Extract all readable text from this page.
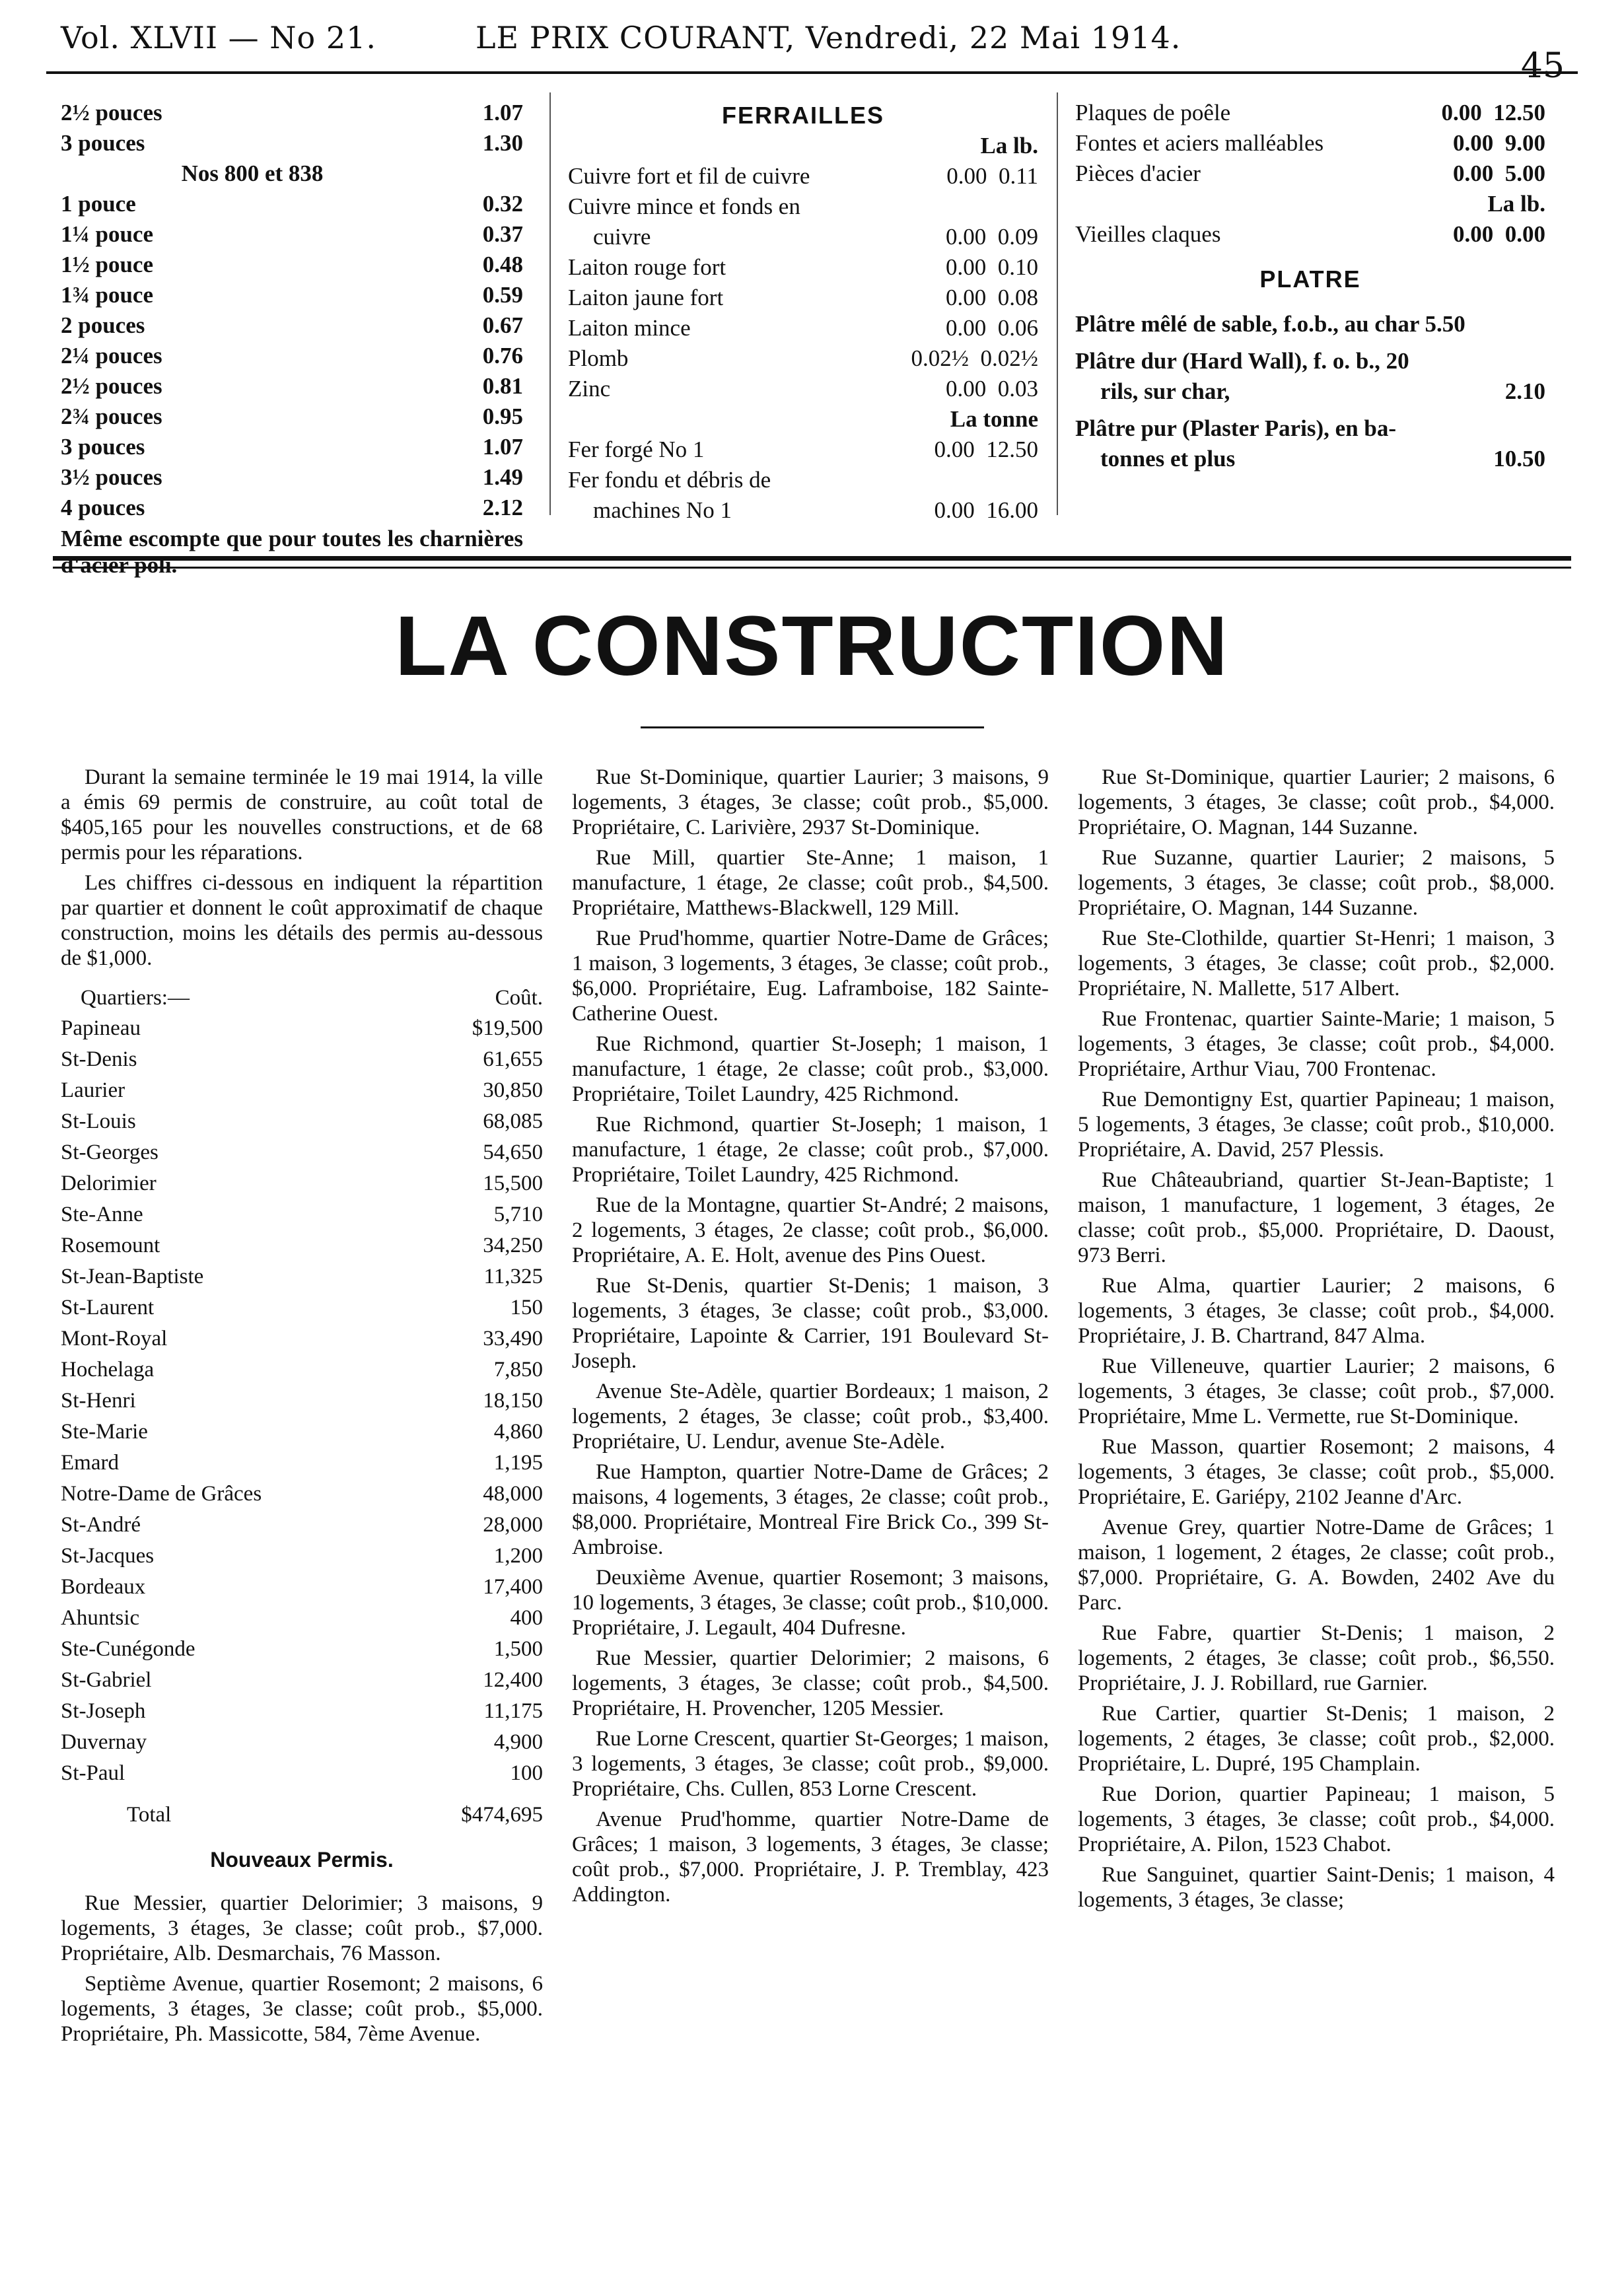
Vol. XLVII — No 21.	LE PRIX COURANT, Vendredi, 22 Mai 1914.
45
2½ pouces	1.07
3 pouces	1.30
Nos 800 et 838
1 pouce	0.32
1¼ pouce	0.37
1½ pouce	0.48
1¾ pouce	0.59
2 pouces	0.67
2¼ pouces	0.76
2½ pouces	0.81
2¾ pouces	0.95
3 pouces	1.07
3½ pouces	1.49
4 pouces	2.12
Même escompte que pour toutes les charnières d'acier poli.
FERRAILLES
La lb.
Cuivre fort et fil de cuivre	0.00 0.11
Cuivre mince et fonds en
cuivre	0.00 0.09
Laiton rouge fort	0.00 0.10
Laiton jaune fort	0.00 0.08
Laiton mince	0.00 0.06
Plomb	0.02½ 0.02½
Zinc	0.00 0.03
La tonne
Fer forgé No 1	0.00 12.50
Fer fondu et débris de
machines No 1	0.00 16.00
Plaques de poêle	0.00 12.50
Fontes et aciers malléables	0.00 9.00
Pièces d'acier	0.00 5.00
La lb.
Vieilles claques	0.00 0.00
PLATRE
Plâtre mêlé de sable, f.o.b., au char 5.50
Plâtre dur (Hard Wall), f. o. b., 20
rils, sur char,	2.10
Plâtre pur (Plaster Paris), en ba-
tonnes et plus	10.50
LA CONSTRUCTION

Durant la semaine terminée le 19 mai 1914, la ville a émis 69 permis de construire, au coût total de $405,165 pour les nouvelles constructions, et de 68 permis pour les réparations.

Les chiffres ci-dessous en indiquent la répartition par quartier et donnent le coût approximatif de chaque construction, moins les détails des permis au-dessous de $1,000.

Quartiers:—	Coût.
Papineau	$19,500
St-Denis	61,655
Laurier	30,850
St-Louis	68,085
St-Georges	54,650
Delorimier	15,500
Ste-Anne	5,710
Rosemount	34,250
St-Jean-Baptiste	11,325
St-Laurent	150
Mont-Royal	33,490
Hochelaga	7,850
St-Henri	18,150
Ste-Marie	4,860
Emard	1,195
Notre-Dame de Grâces	48,000
St-André	28,000
St-Jacques	1,200
Bordeaux	17,400
Ahuntsic	400
Ste-Cunégonde	1,500
St-Gabriel	12,400
St-Joseph	11,175
Duvernay	4,900
St-Paul	100
Total	$474,695
Nouveaux Permis.

Rue Messier, quartier Delorimier; 3 maisons, 9 logements, 3 étages, 3e classe; coût prob., $7,000. Propriétaire, Alb. Desmarchais, 76 Masson.

Septième Avenue, quartier Rosemont; 2 maisons, 6 logements, 3 étages, 3e classe; coût prob., $5,000. Propriétaire, Ph. Massicotte, 584, 7ème Avenue.

Rue St-Dominique, quartier Laurier; 3 maisons, 9 logements, 3 étages, 3e classe; coût prob., $5,000. Propriétaire, C. Larivière, 2937 St-Dominique.

Rue Mill, quartier Ste-Anne; 1 maison, 1 manufacture, 1 étage, 2e classe; coût prob., $4,500. Propriétaire, Matthews-Blackwell, 129 Mill.

Rue Prud'homme, quartier Notre-Dame de Grâces; 1 maison, 3 logements, 3 étages, 3e classe; coût prob., $6,000. Propriétaire, Eug. Laframboise, 182 Sainte-Catherine Ouest.

Rue Richmond, quartier St-Joseph; 1 maison, 1 manufacture, 1 étage, 2e classe; coût prob., $3,000. Propriétaire, Toilet Laundry, 425 Richmond.

Rue Richmond, quartier St-Joseph; 1 maison, 1 manufacture, 1 étage, 2e classe; coût prob., $7,000. Propriétaire, Toilet Laundry, 425 Richmond.

Rue de la Montagne, quartier St-André; 2 maisons, 2 logements, 3 étages, 2e classe; coût prob., $6,000. Propriétaire, A. E. Holt, avenue des Pins Ouest.

Rue St-Denis, quartier St-Denis; 1 maison, 3 logements, 3 étages, 3e classe; coût prob., $3,000. Propriétaire, Lapointe & Carrier, 191 Boulevard St-Joseph.

Avenue Ste-Adèle, quartier Bordeaux; 1 maison, 2 logements, 2 étages, 3e classe; coût prob., $3,400. Propriétaire, U. Lendur, avenue Ste-Adèle.

Rue Hampton, quartier Notre-Dame de Grâces; 2 maisons, 4 logements, 3 étages, 2e classe; coût prob., $8,000. Propriétaire, Montreal Fire Brick Co., 399 St-Ambroise.

Deuxième Avenue, quartier Rosemont; 3 maisons, 10 logements, 3 étages, 3e classe; coût prob., $10,000. Propriétaire, J. Legault, 404 Dufresne.

Rue Messier, quartier Delorimier; 2 maisons, 6 logements, 3 étages, 3e classe; coût prob., $4,500. Propriétaire, H. Provencher, 1205 Messier.

Rue Lorne Crescent, quartier St-Georges; 1 maison, 3 logements, 3 étages, 3e classe; coût prob., $9,000. Propriétaire, Chs. Cullen, 853 Lorne Crescent.

Avenue Prud'homme, quartier Notre-Dame de Grâces; 1 maison, 3 logements, 3 étages, 3e classe; coût prob., $7,000. Propriétaire, J. P. Tremblay, 423 Addington.

Rue St-Dominique, quartier Laurier; 2 maisons, 6 logements, 3 étages, 3e classe; coût prob., $4,000. Propriétaire, O. Magnan, 144 Suzanne.

Rue Suzanne, quartier Laurier; 2 maisons, 5 logements, 3 étages, 3e classe; coût prob., $8,000. Propriétaire, O. Magnan, 144 Suzanne.

Rue Ste-Clothilde, quartier St-Henri; 1 maison, 3 logements, 3 étages, 3e classe; coût prob., $2,000. Propriétaire, N. Mallette, 517 Albert.

Rue Frontenac, quartier Sainte-Marie; 1 maison, 5 logements, 3 étages, 3e classe; coût prob., $4,000. Propriétaire, Arthur Viau, 700 Frontenac.

Rue Demontigny Est, quartier Papineau; 1 maison, 5 logements, 3 étages, 3e classe; coût prob., $10,000. Propriétaire, A. David, 257 Plessis.

Rue Châteaubriand, quartier St-Jean-Baptiste; 1 maison, 1 manufacture, 1 logement, 3 étages, 2e classe; coût prob., $5,000. Propriétaire, D. Daoust, 973 Berri.

Rue Alma, quartier Laurier; 2 maisons, 6 logements, 3 étages, 3e classe; coût prob., $4,000. Propriétaire, J. B. Chartrand, 847 Alma.

Rue Villeneuve, quartier Laurier; 2 maisons, 6 logements, 3 étages, 3e classe; coût prob., $7,000. Propriétaire, Mme L. Vermette, rue St-Dominique.

Rue Masson, quartier Rosemont; 2 maisons, 4 logements, 3 étages, 3e classe; coût prob., $5,000. Propriétaire, E. Gariépy, 2102 Jeanne d'Arc.

Avenue Grey, quartier Notre-Dame de Grâces; 1 maison, 1 logement, 2 étages, 2e classe; coût prob., $7,000. Propriétaire, G. A. Bowden, 2402 Ave du Parc.

Rue Fabre, quartier St-Denis; 1 maison, 2 logements, 2 étages, 3e classe; coût prob., $6,550. Propriétaire, J. J. Robillard, rue Garnier.

Rue Cartier, quartier St-Denis; 1 maison, 2 logements, 2 étages, 3e classe; coût prob., $2,000. Propriétaire, L. Dupré, 195 Champlain.

Rue Dorion, quartier Papineau; 1 maison, 5 logements, 3 étages, 3e classe; coût prob., $4,000. Propriétaire, A. Pilon, 1523 Chabot.

Rue Sanguinet, quartier Saint-Denis; 1 maison, 4 logements, 3 étages, 3e classe;
